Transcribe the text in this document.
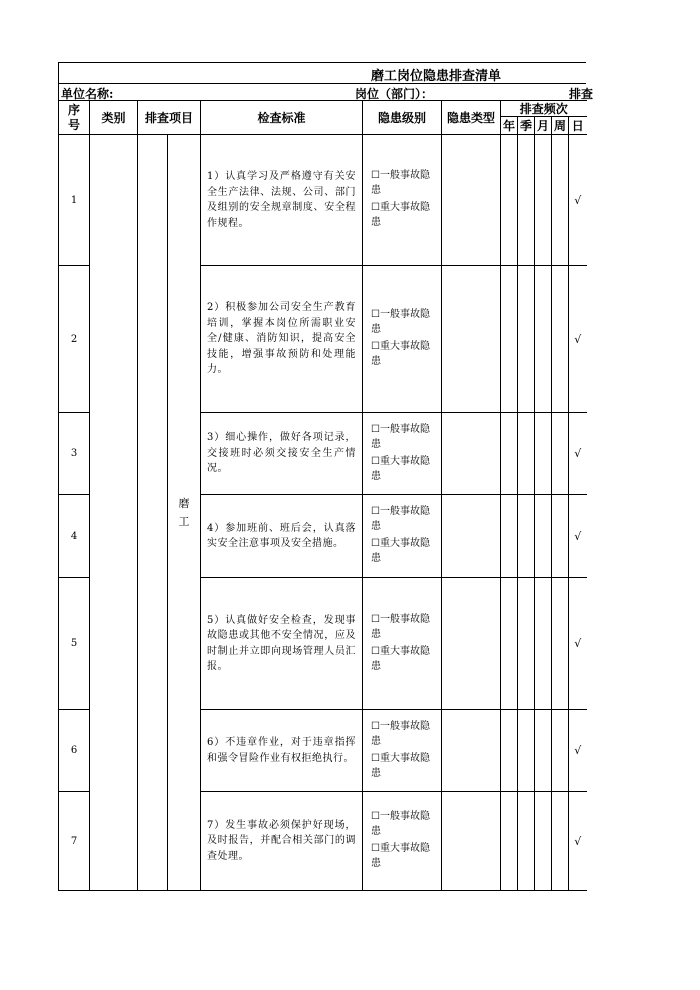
磨工岗位隐患排查清单
单位名称:	岗位（部门）：	排查
序号	类别	排查项目		检查标准	隐患级别	隐患类型	排查频次				
							年	季	月	周	日
1			磨工	1）认真学习及严格遵守有关安全生产法律、法规、公司、部门及组别的安全规章制度、安全程作规程。	☐一般事故隐患
☐重大事故隐患						√
2				2）积极参加公司安全生产教育培训，掌握本岗位所需职业安全/健康、消防知识，提高安全技能，增强事故预防和处理能力。	☐一般事故隐患
☐重大事故隐患						√
3				3）细心操作，做好各项记录，交接班时必须交接安全生产情况。	☐一般事故隐患
☐重大事故隐患						√
4				4）参加班前、班后会，认真落实安全注意事项及安全措施。	☐一般事故隐患
☐重大事故隐患						√
5				5）认真做好安全检查，发现事故隐患或其他不安全情况，应及时制止并立即向现场管理人员汇报。	☐一般事故隐患
☐重大事故隐患						√
6				6）不违章作业，对于违章指挥和强令冒险作业有权拒绝执行。	☐一般事故隐患
☐重大事故隐患						√
7				7）发生事故必须保护好现场，及时报告，并配合相关部门的调查处理。	☐一般事故隐患
☐重大事故隐患						√
